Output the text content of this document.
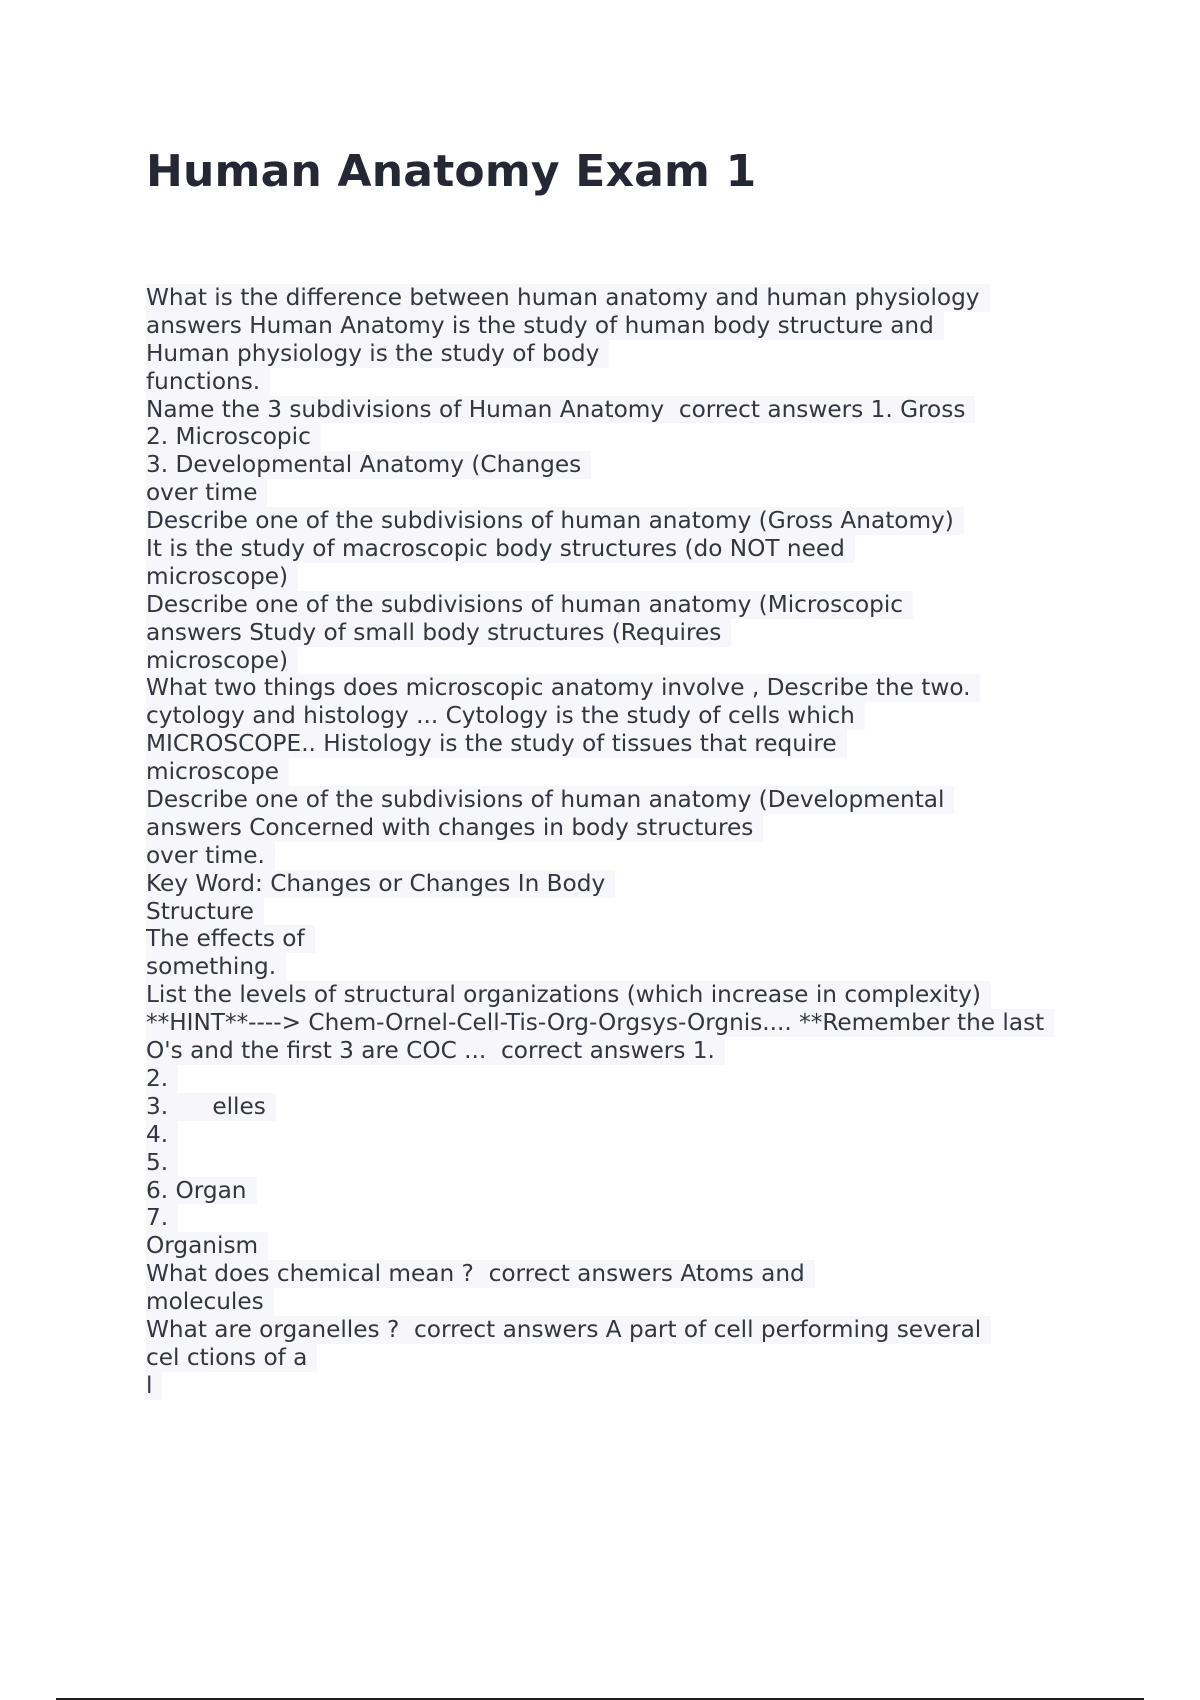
Human Anatomy Exam 1
What is the difference between human anatomy and human physiology
answers Human Anatomy is the study of human body structure and
Human physiology is the study of body
functions.
Name the 3 subdivisions of Human Anatomy  correct answers 1. Gross
2. Microscopic
3. Developmental Anatomy (Changes
over time
Describe one of the subdivisions of human anatomy (Gross Anatomy)
It is the study of macroscopic body structures (do NOT need
microscope)
Describe one of the subdivisions of human anatomy (Microscopic
answers Study of small body structures (Requires
microscope)
What two things does microscopic anatomy involve , Describe the two.
cytology and histology ... Cytology is the study of cells which
MICROSCOPE.. Histology is the study of tissues that require
microscope
Describe one of the subdivisions of human anatomy (Developmental
answers Concerned with changes in body structures
over time.
Key Word: Changes or Changes In Body
Structure
The effects of
something.
List the levels of structural organizations (which increase in complexity)
**HINT**----> Chem-Ornel-Cell-Tis-Org-Orgsys-Orgnis.... **Remember the last
O's and the first 3 are COC ...  correct answers 1.
2.
3.      elles
4.
5.
6. Organ
7.
Organism
What does chemical mean ?  correct answers Atoms and
molecules
What are organelles ?  correct answers A part of cell performing several
cel ctions of a
l
